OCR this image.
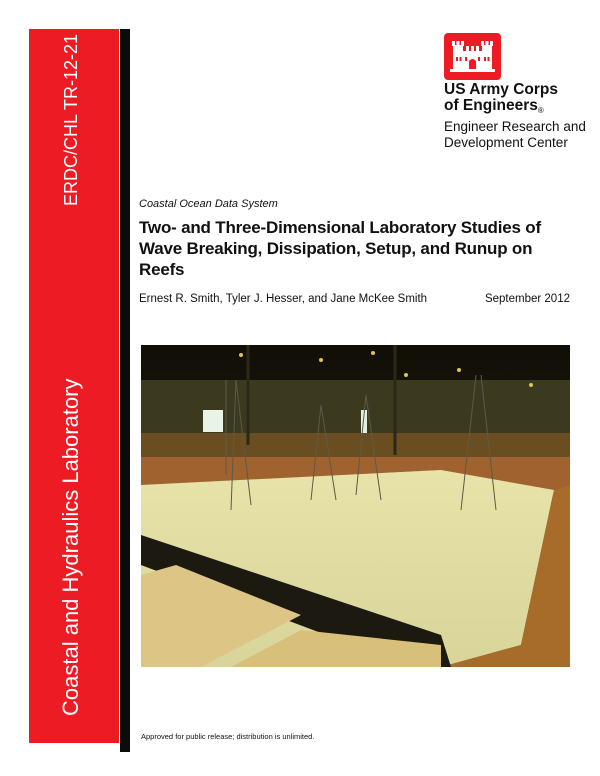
ERDC/CHL TR-12-21
Coastal and Hydraulics Laboratory
US Army Corps
of Engineers®
Engineer Research and
Development Center
Coastal Ocean Data System
Two- and Three-Dimensional Laboratory Studies of Wave Breaking, Dissipation, Setup, and Runup on Reefs
Ernest R. Smith, Tyler J. Hesser, and Jane McKee Smith	September 2012
Approved for public release; distribution is unlimited.
